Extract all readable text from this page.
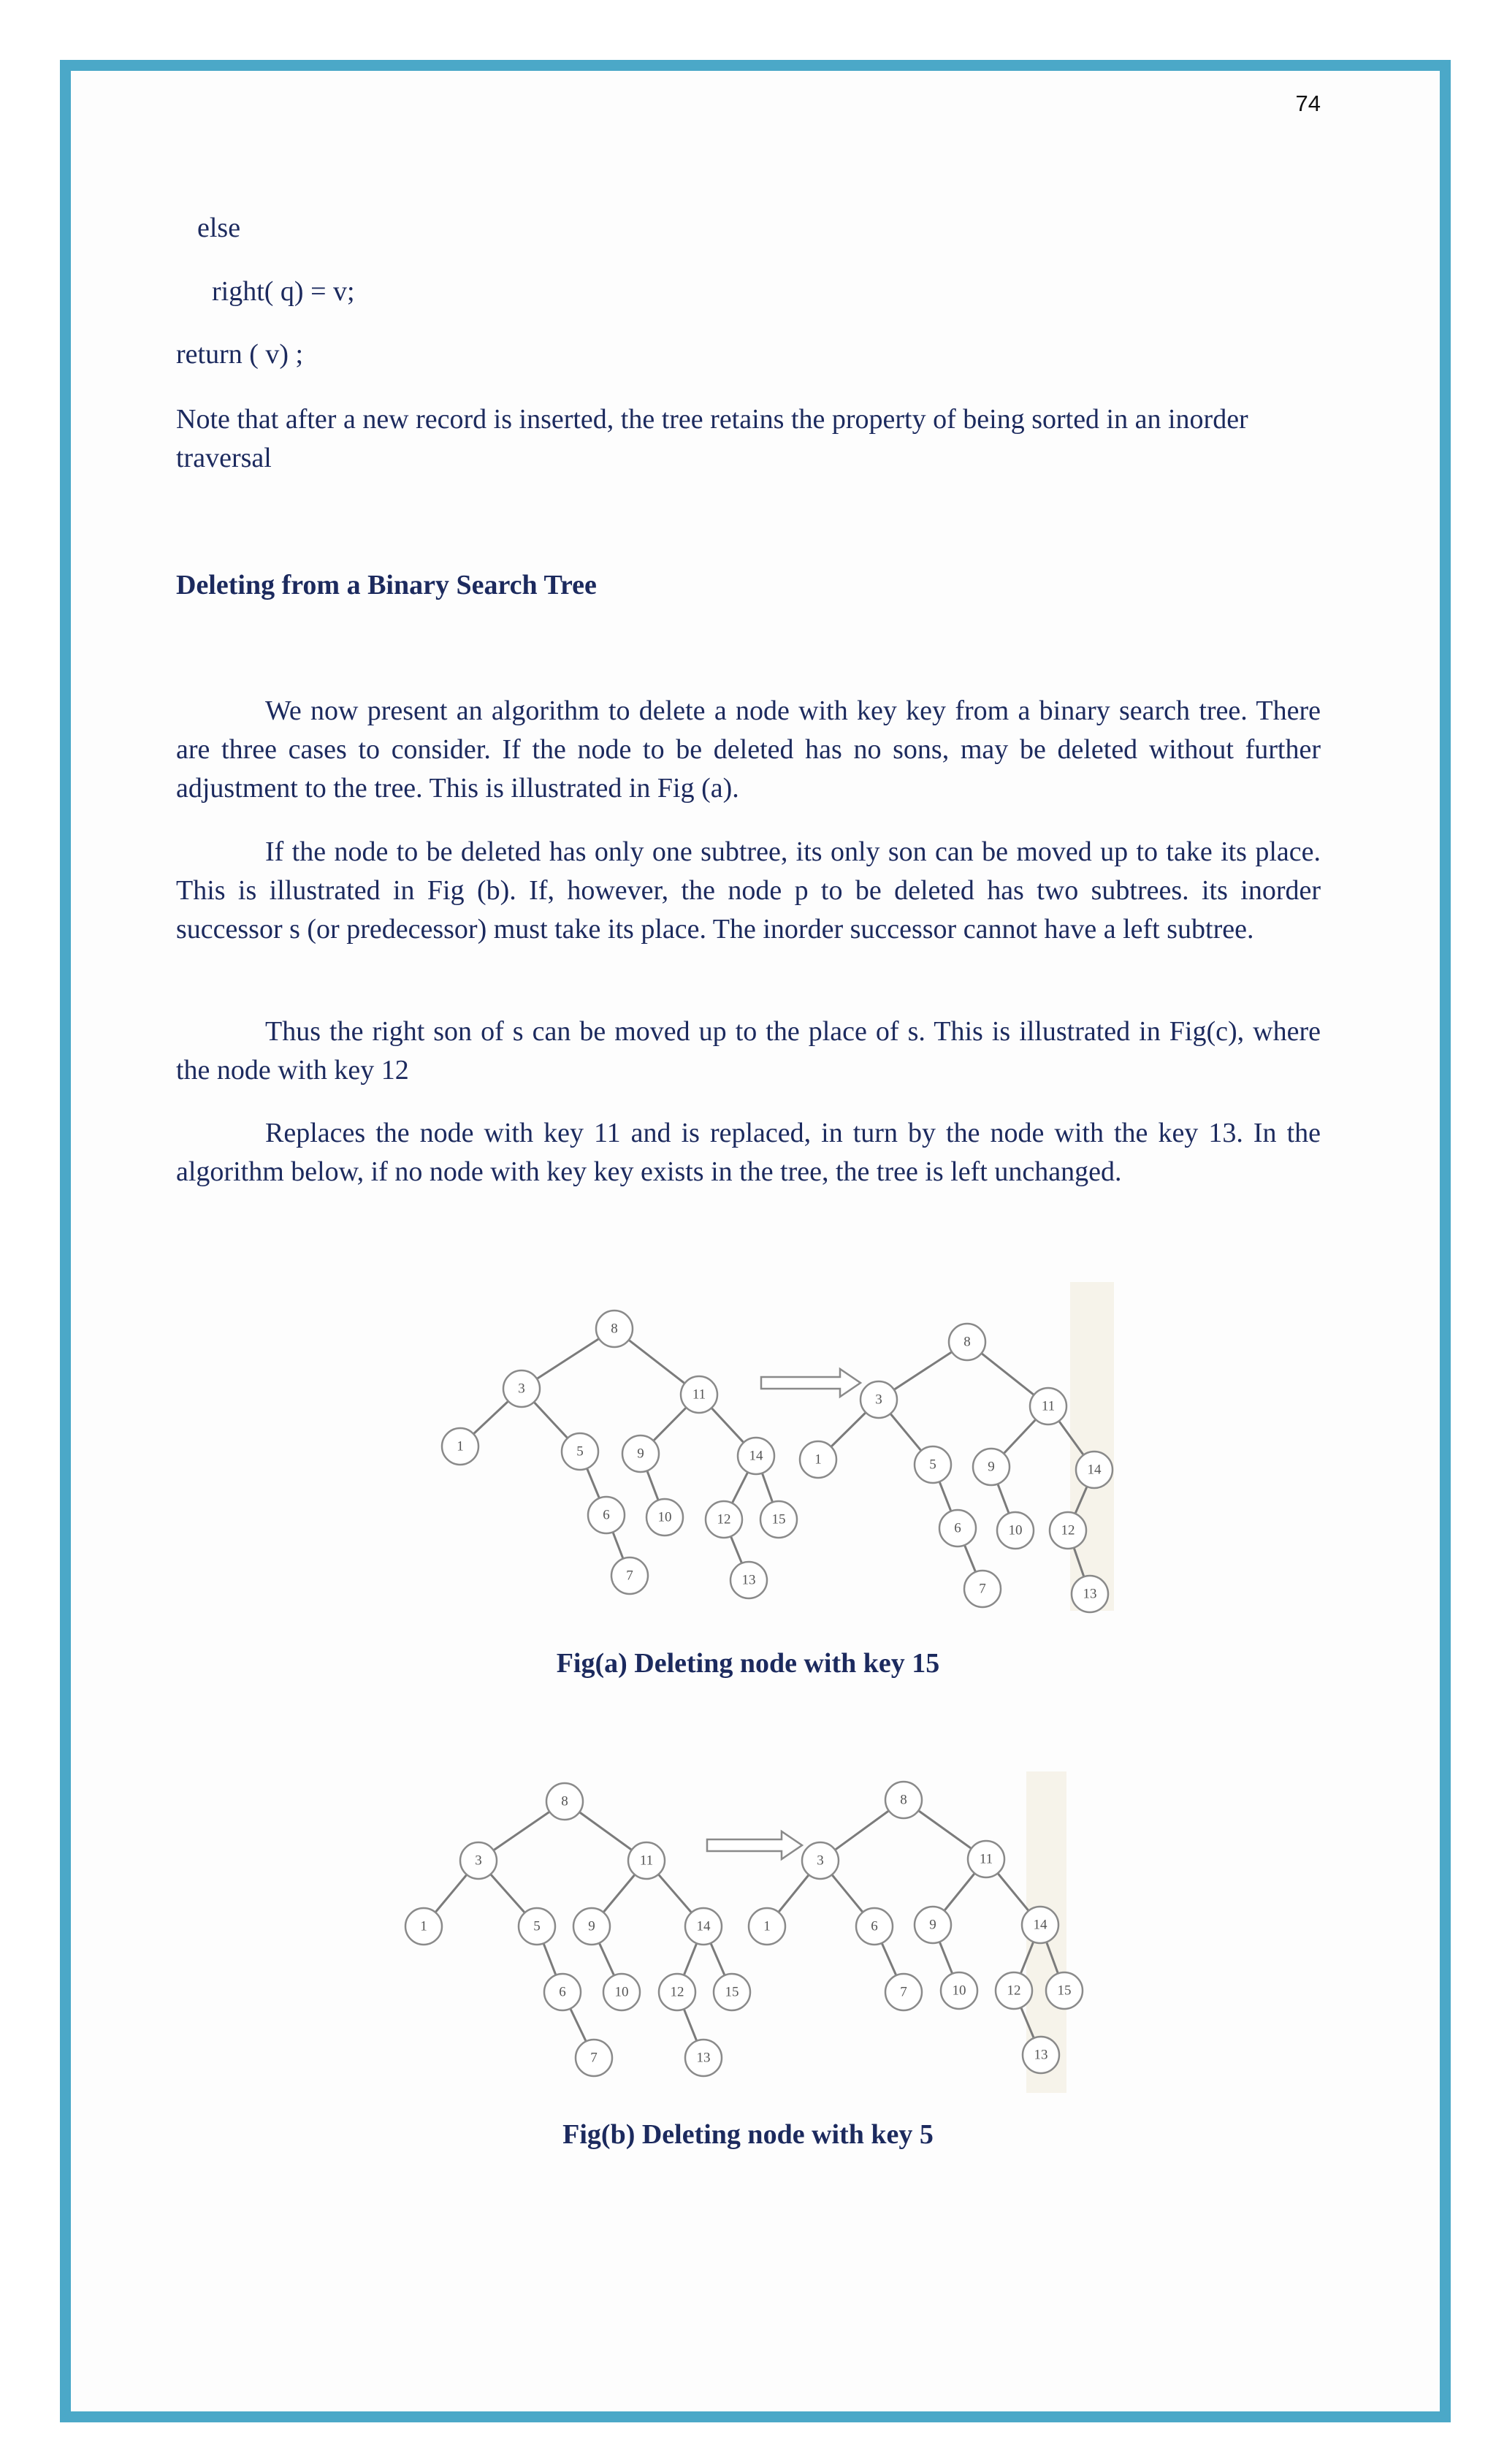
74
else
right( q) = v;
return ( v) ;
Note that after a new record is inserted, the tree retains the property of being sorted in an inorder traversal
Deleting from a Binary Search Tree
We now present an algorithm to delete a node with key key from a binary search tree. There are three cases to consider. If the node to be deleted has no sons, may be deleted without further adjustment to the tree. This is illustrated in Fig (a).
If the node to be deleted has only one subtree, its only son can be moved up to take its place. This is illustrated in Fig (b). If, however, the node p to be deleted has two subtrees. its inorder successor s (or predecessor) must take its place. The inorder successor cannot have a left subtree.
Thus the right son of s can be moved up to the place of s. This is illustrated in Fig(c), where the node with key 12
Replaces the node with key 11 and is replaced, in turn by the node with the key 13. In the algorithm below, if no node with key key exists in the tree, the tree is left unchanged.
8
3	11
1	5	9	14
6	10	12	15
7	13
8
3	11
1	5	9	14
6	10	12
7	13
Fig(a) Deleting node with key 15
8
3	11
1	5	9	14
6	10	12	15
7	13
8
3	11
1	6	9	14
7	10	12	15
13
Fig(b) Deleting node with key 5
